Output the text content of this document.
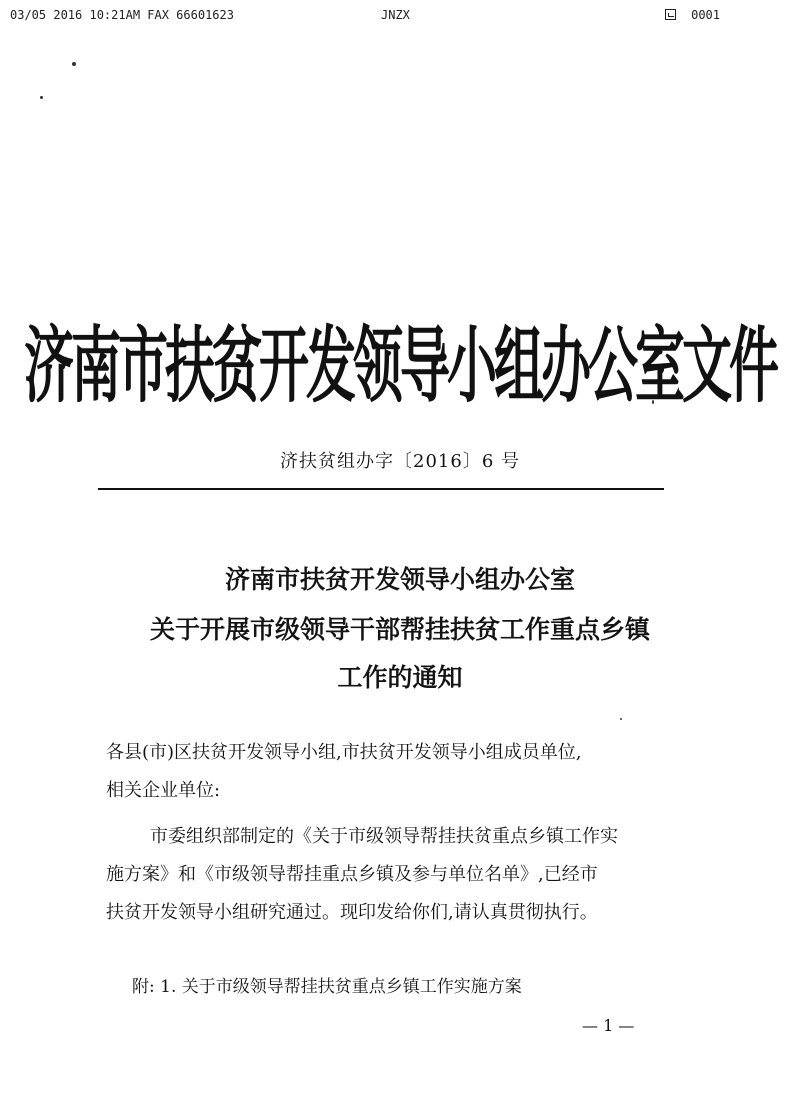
03/05 2016 10:21AM FAX 66601623	JNZX	0001
济南市扶贫开发领导小组办公室文件
济扶贫组办字〔2016〕6 号
济南市扶贫开发领导小组办公室
关于开展市级领导干部帮挂扶贫工作重点乡镇
工作的通知
各县(市)区扶贫开发领导小组,市扶贫开发领导小组成员单位,
相关企业单位:
市委组织部制定的《关于市级领导帮挂扶贫重点乡镇工作实
施方案》和《市级领导帮挂重点乡镇及参与单位名单》,已经市
扶贫开发领导小组研究通过。现印发给你们,请认真贯彻执行。
附: 1. 关于市级领导帮挂扶贫重点乡镇工作实施方案
— 1 —
